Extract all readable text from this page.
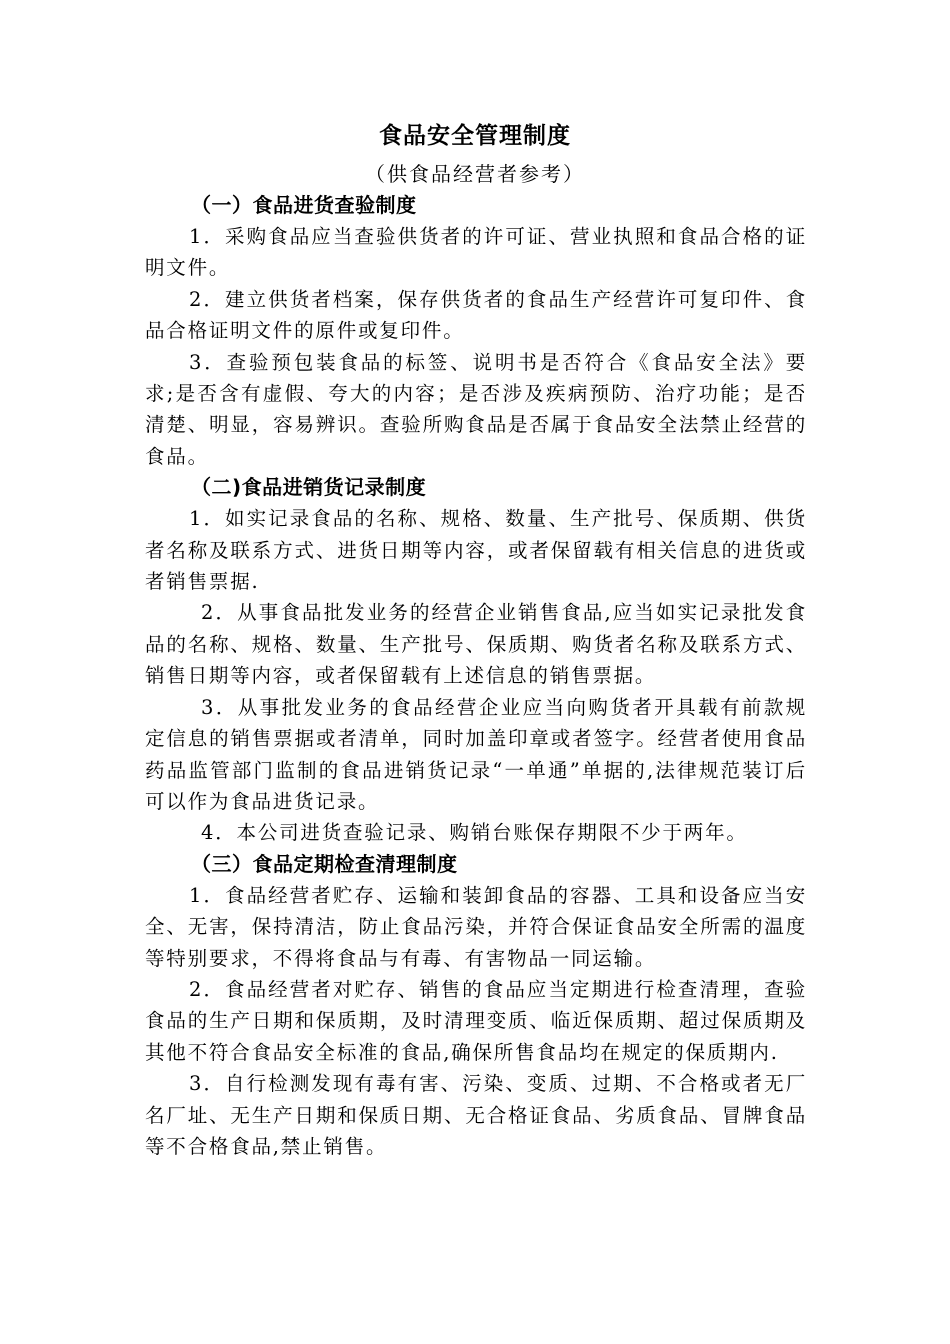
食品安全管理制度
（供食品经营者参考）

（一）食品进货查验制度

1．采购食品应当查验供货者的许可证、营业执照和食品合格的证明文件。

2．建立供货者档案，保存供货者的食品生产经营许可复印件、食品合格证明文件的原件或复印件。

3．查验预包装食品的标签、说明书是否符合《食品安全法》要求;是否含有虚假、夸大的内容；是否涉及疾病预防、治疗功能；是否清楚、明显，容易辨识。查验所购食品是否属于食品安全法禁止经营的食品。

（二)食品进销货记录制度

1．如实记录食品的名称、规格、数量、生产批号、保质期、供货者名称及联系方式、进货日期等内容，或者保留载有相关信息的进货或者销售票据.

2．从事食品批发业务的经营企业销售食品,应当如实记录批发食品的名称、规格、数量、生产批号、保质期、购货者名称及联系方式、销售日期等内容，或者保留载有上述信息的销售票据。

3．从事批发业务的食品经营企业应当向购货者开具载有前款规定信息的销售票据或者清单，同时加盖印章或者签字。经营者使用食品药品监管部门监制的食品进销货记录“一单通”单据的,法律规范装订后可以作为食品进货记录。

4．本公司进货查验记录、购销台账保存期限不少于两年。

（三）食品定期检查清理制度

1．食品经营者贮存、运输和装卸食品的容器、工具和设备应当安全、无害，保持清洁，防止食品污染，并符合保证食品安全所需的温度等特别要求，不得将食品与有毒、有害物品一同运输。

2．食品经营者对贮存、销售的食品应当定期进行检查清理，查验食品的生产日期和保质期，及时清理变质、临近保质期、超过保质期及其他不符合食品安全标准的食品,确保所售食品均在规定的保质期内.

3．自行检测发现有毒有害、污染、变质、过期、不合格或者无厂名厂址、无生产日期和保质日期、无合格证食品、劣质食品、冒牌食品等不合格食品,禁止销售。
